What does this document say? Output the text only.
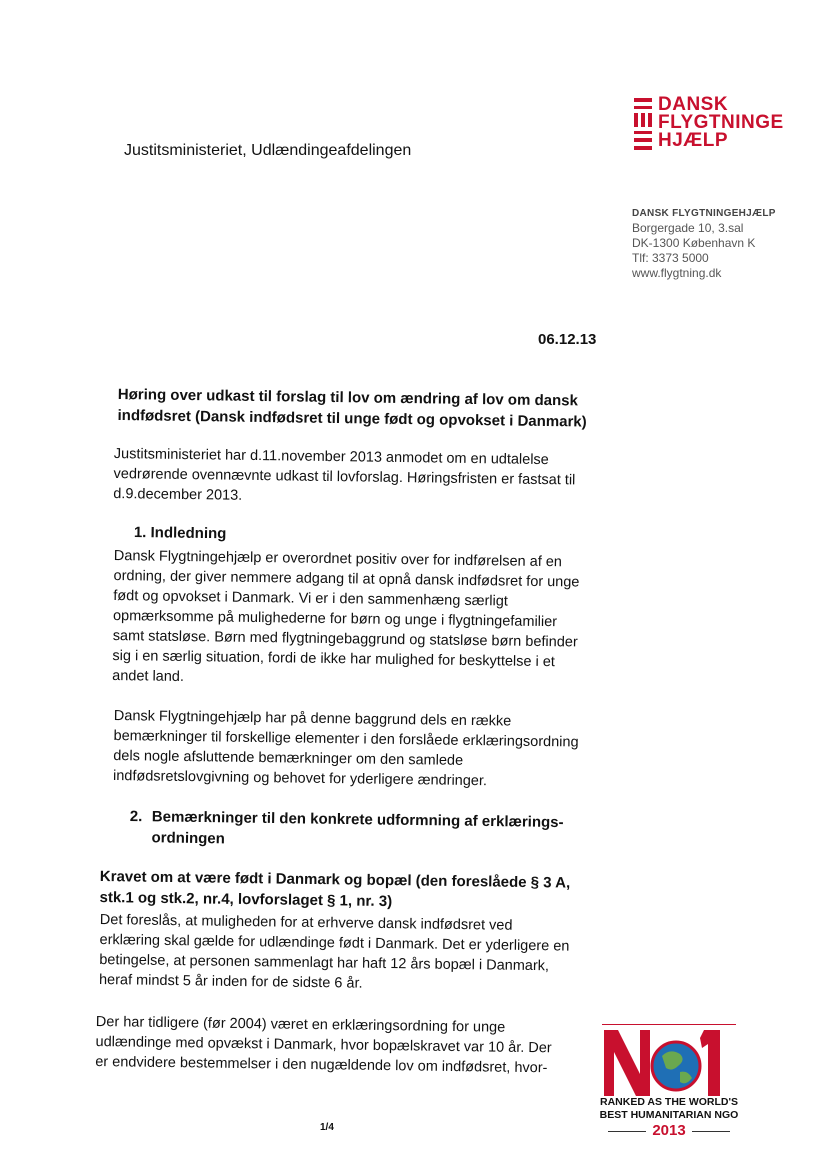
Justitsministeriet, Udlændingeafdelingen
DANSK
FLYGTNINGE
HJÆLP
DANSK FLYGTNINGEHJÆLP
Borgergade 10, 3.sal
DK-1300 København K
Tlf: 3373 5000
www.flygtning.dk
06.12.13
Høring over udkast til forslag til lov om ændring af lov om dansk indfødsret (Dansk indfødsret til unge født og opvokset i Danmark)
Justitsministeriet har d.11.november 2013 anmodet om en udtalelse vedrørende ovennævnte udkast til lovforslag. Høringsfristen er fastsat til d.9.december 2013.
1. Indledning
Dansk Flygtningehjælp er overordnet positiv over for indførelsen af en ordning, der giver nemmere adgang til at opnå dansk indfødsret for unge født og opvokset i Danmark. Vi er i den sammenhæng særligt opmærksomme på mulighederne for børn og unge i flygtningefamilier samt statsløse. Børn med flygtningebaggrund og statsløse børn befinder sig i en særlig situation, fordi de ikke har mulighed for beskyttelse i et andet land.
Dansk Flygtningehjælp har på denne baggrund dels en række bemærkninger til forskellige elementer i den forslåede erklæringsordning dels nogle afsluttende bemærkninger om den samlede indfødsretslovgivning og behovet for yderligere ændringer.
2. Bemærkninger til den konkrete udformning af erklærings-
ordningen
Kravet om at være født i Danmark og bopæl (den foreslåede § 3 A, stk.1 og stk.2, nr.4, lovforslaget § 1, nr. 3)
Det foreslås, at muligheden for at erhverve dansk indfødsret ved erklæring skal gælde for udlændinge født i Danmark. Det er yderligere en betingelse, at personen sammenlagt har haft 12 års bopæl i Danmark, heraf mindst 5 år inden for de sidste 6 år.
Der har tidligere (før 2004) været en erklæringsordning for unge udlændinge med opvækst i Danmark, hvor bopælskravet var 10 år. Der er endvidere bestemmelser i den nugældende lov om indfødsret, hvor-
RANKED AS THE WORLD'S
BEST HUMANITARIAN NGO
2013
1/4
